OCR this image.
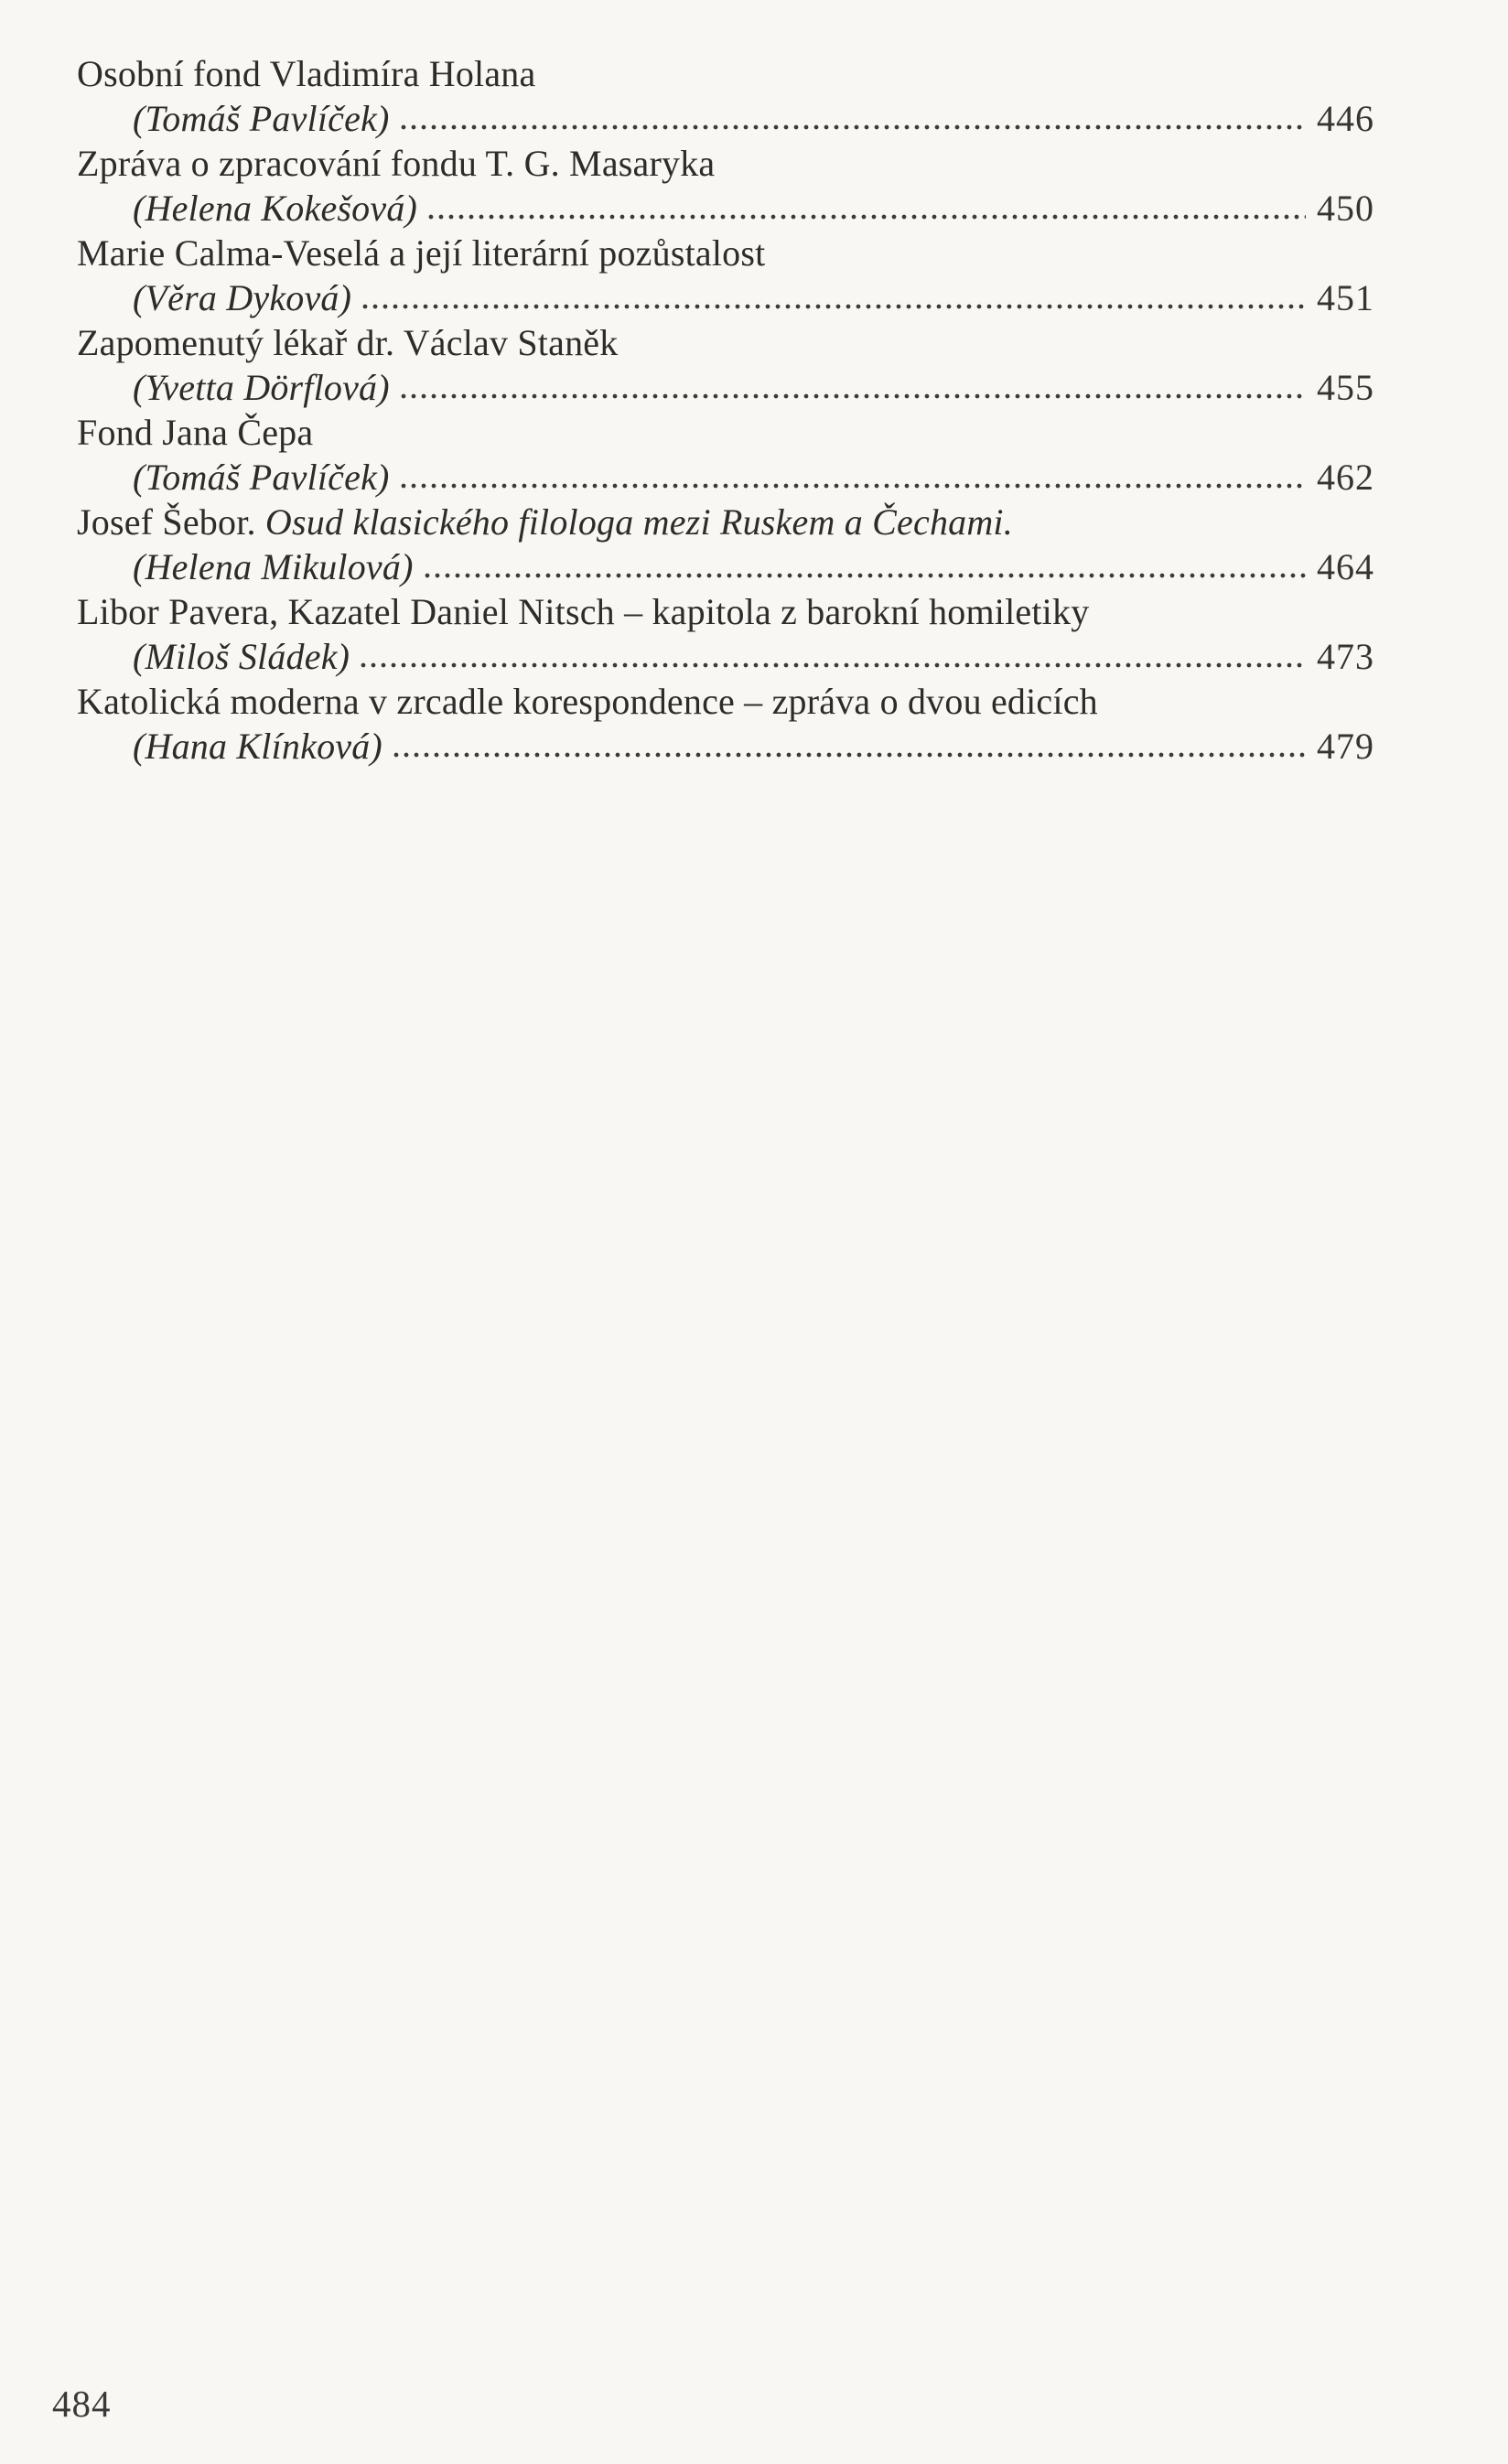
Osobní fond Vladimíra Holana
(Tomáš Pavlíček)	446
Zpráva o zpracování fondu T. G. Masaryka
(Helena Kokešová)	450
Marie Calma-Veselá a její literární pozůstalost
(Věra Dyková)	451
Zapomenutý lékař dr. Václav Staněk
(Yvetta Dörflová)	455
Fond Jana Čepa
(Tomáš Pavlíček)	462
Josef Šebor. Osud klasického filologa mezi Ruskem a Čechami.
(Helena Mikulová)	464
Libor Pavera, Kazatel Daniel Nitsch – kapitola z barokní homiletiky
(Miloš Sládek)	473
Katolická moderna v zrcadle korespondence – zpráva o dvou edicích
(Hana Klínková)	479
484
